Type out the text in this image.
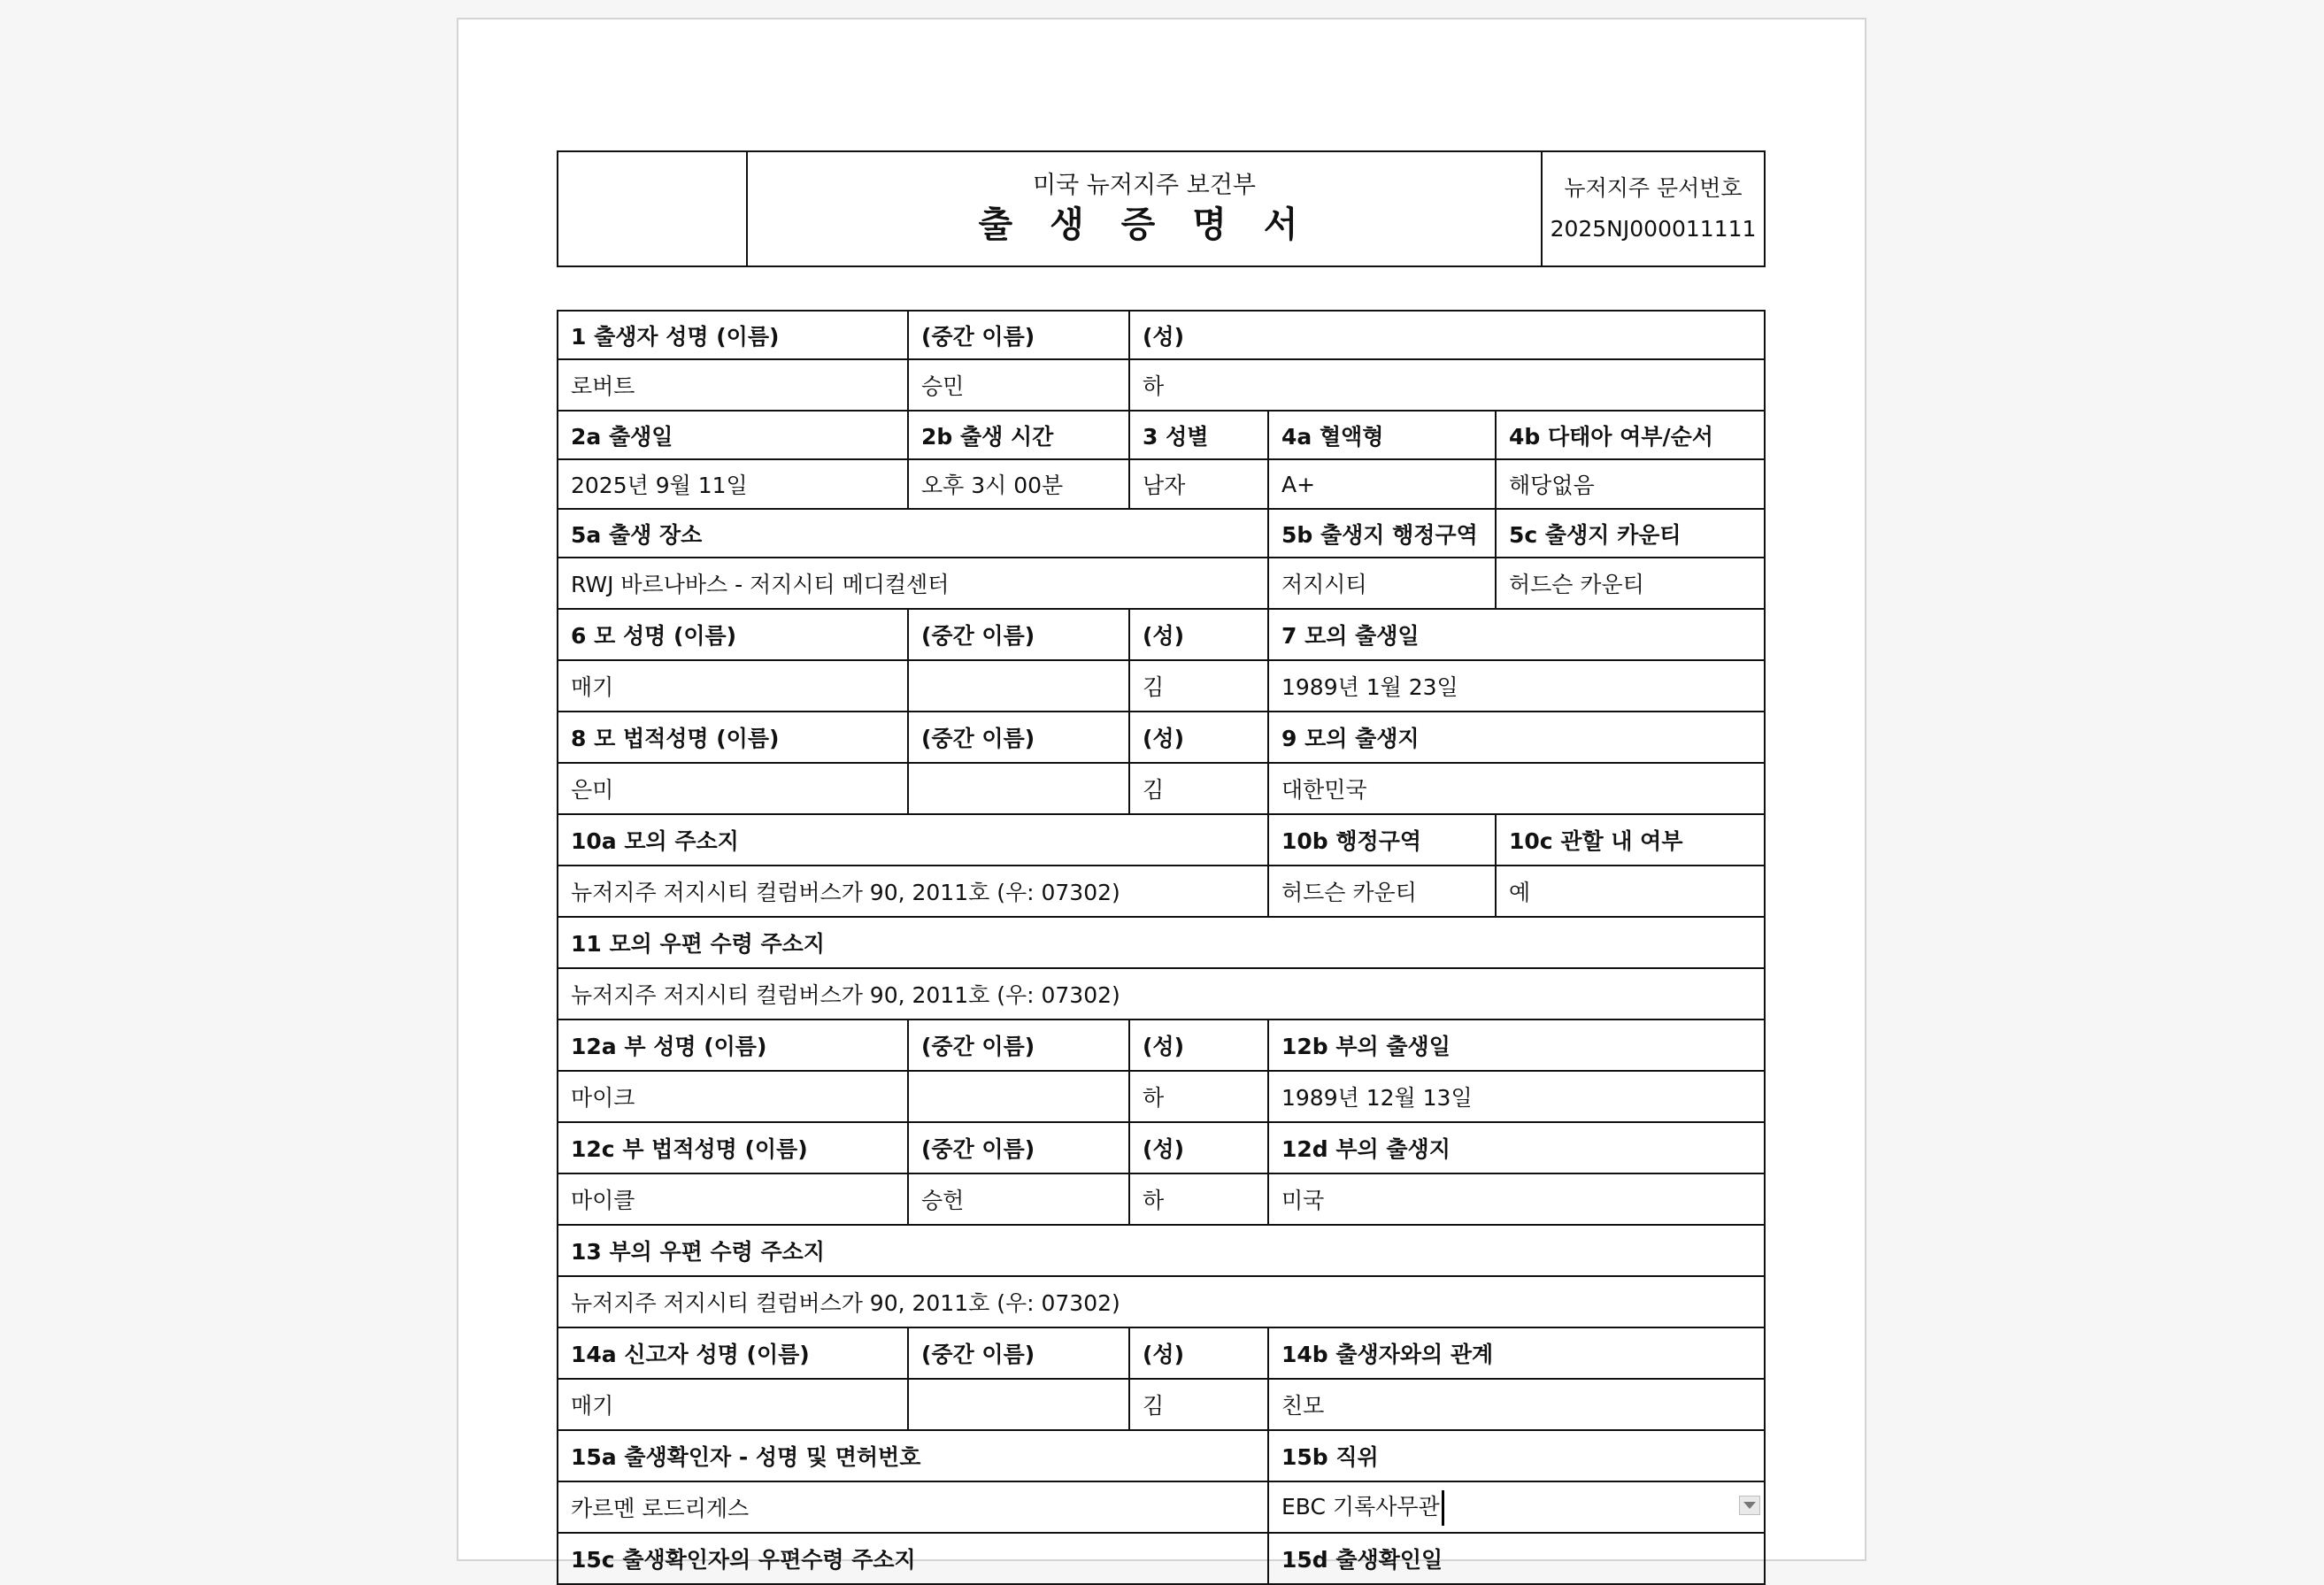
미국 뉴저지주 보건부
출 생 증 명 서

뉴저지주 문서번호
2025NJ000011111
1 출생자 성명 (이름)	(중간 이름)	(성)		
로버트	승민	하		
2a 출생일	2b 출생 시간	3 성별	4a 혈액형	4b 다태아 여부/순서
2025년 9월 11일	오후 3시 00분	남자	A+	해당없음
5a 출생 장소			5b 출생지 행정구역	5c 출생지 카운티
RWJ 바르나바스 - 저지시티 메디컬센터			저지시티	허드슨 카운티
6 모 성명 (이름)	(중간 이름)	(성)	7 모의 출생일	
매기		김	1989년 1월 23일	
8 모 법적성명 (이름)	(중간 이름)	(성)	9 모의 출생지	
은미		김	대한민국	
10a 모의 주소지			10b 행정구역	10c 관할 내 여부
뉴저지주 저지시티 컬럼버스가 90, 2011호 (우: 07302)			허드슨 카운티	예
11 모의 우편 수령 주소지				
뉴저지주 저지시티 컬럼버스가 90, 2011호 (우: 07302)				
12a 부 성명 (이름)	(중간 이름)	(성)	12b 부의 출생일	
마이크		하	1989년 12월 13일	
12c 부 법적성명 (이름)	(중간 이름)	(성)	12d 부의 출생지	
마이클	승헌	하	미국	
13 부의 우편 수령 주소지				
뉴저지주 저지시티 컬럼버스가 90, 2011호 (우: 07302)				
14a 신고자 성명 (이름)	(중간 이름)	(성)	14b 출생자와의 관계	
매기		김	친모	
15a 출생확인자 - 성명 및 면허번호			15b 직위	
카르멘 로드리게스			EBC 기록사무관	

15c 출생확인자의 우편수령 주소지			15d 출생확인일	
